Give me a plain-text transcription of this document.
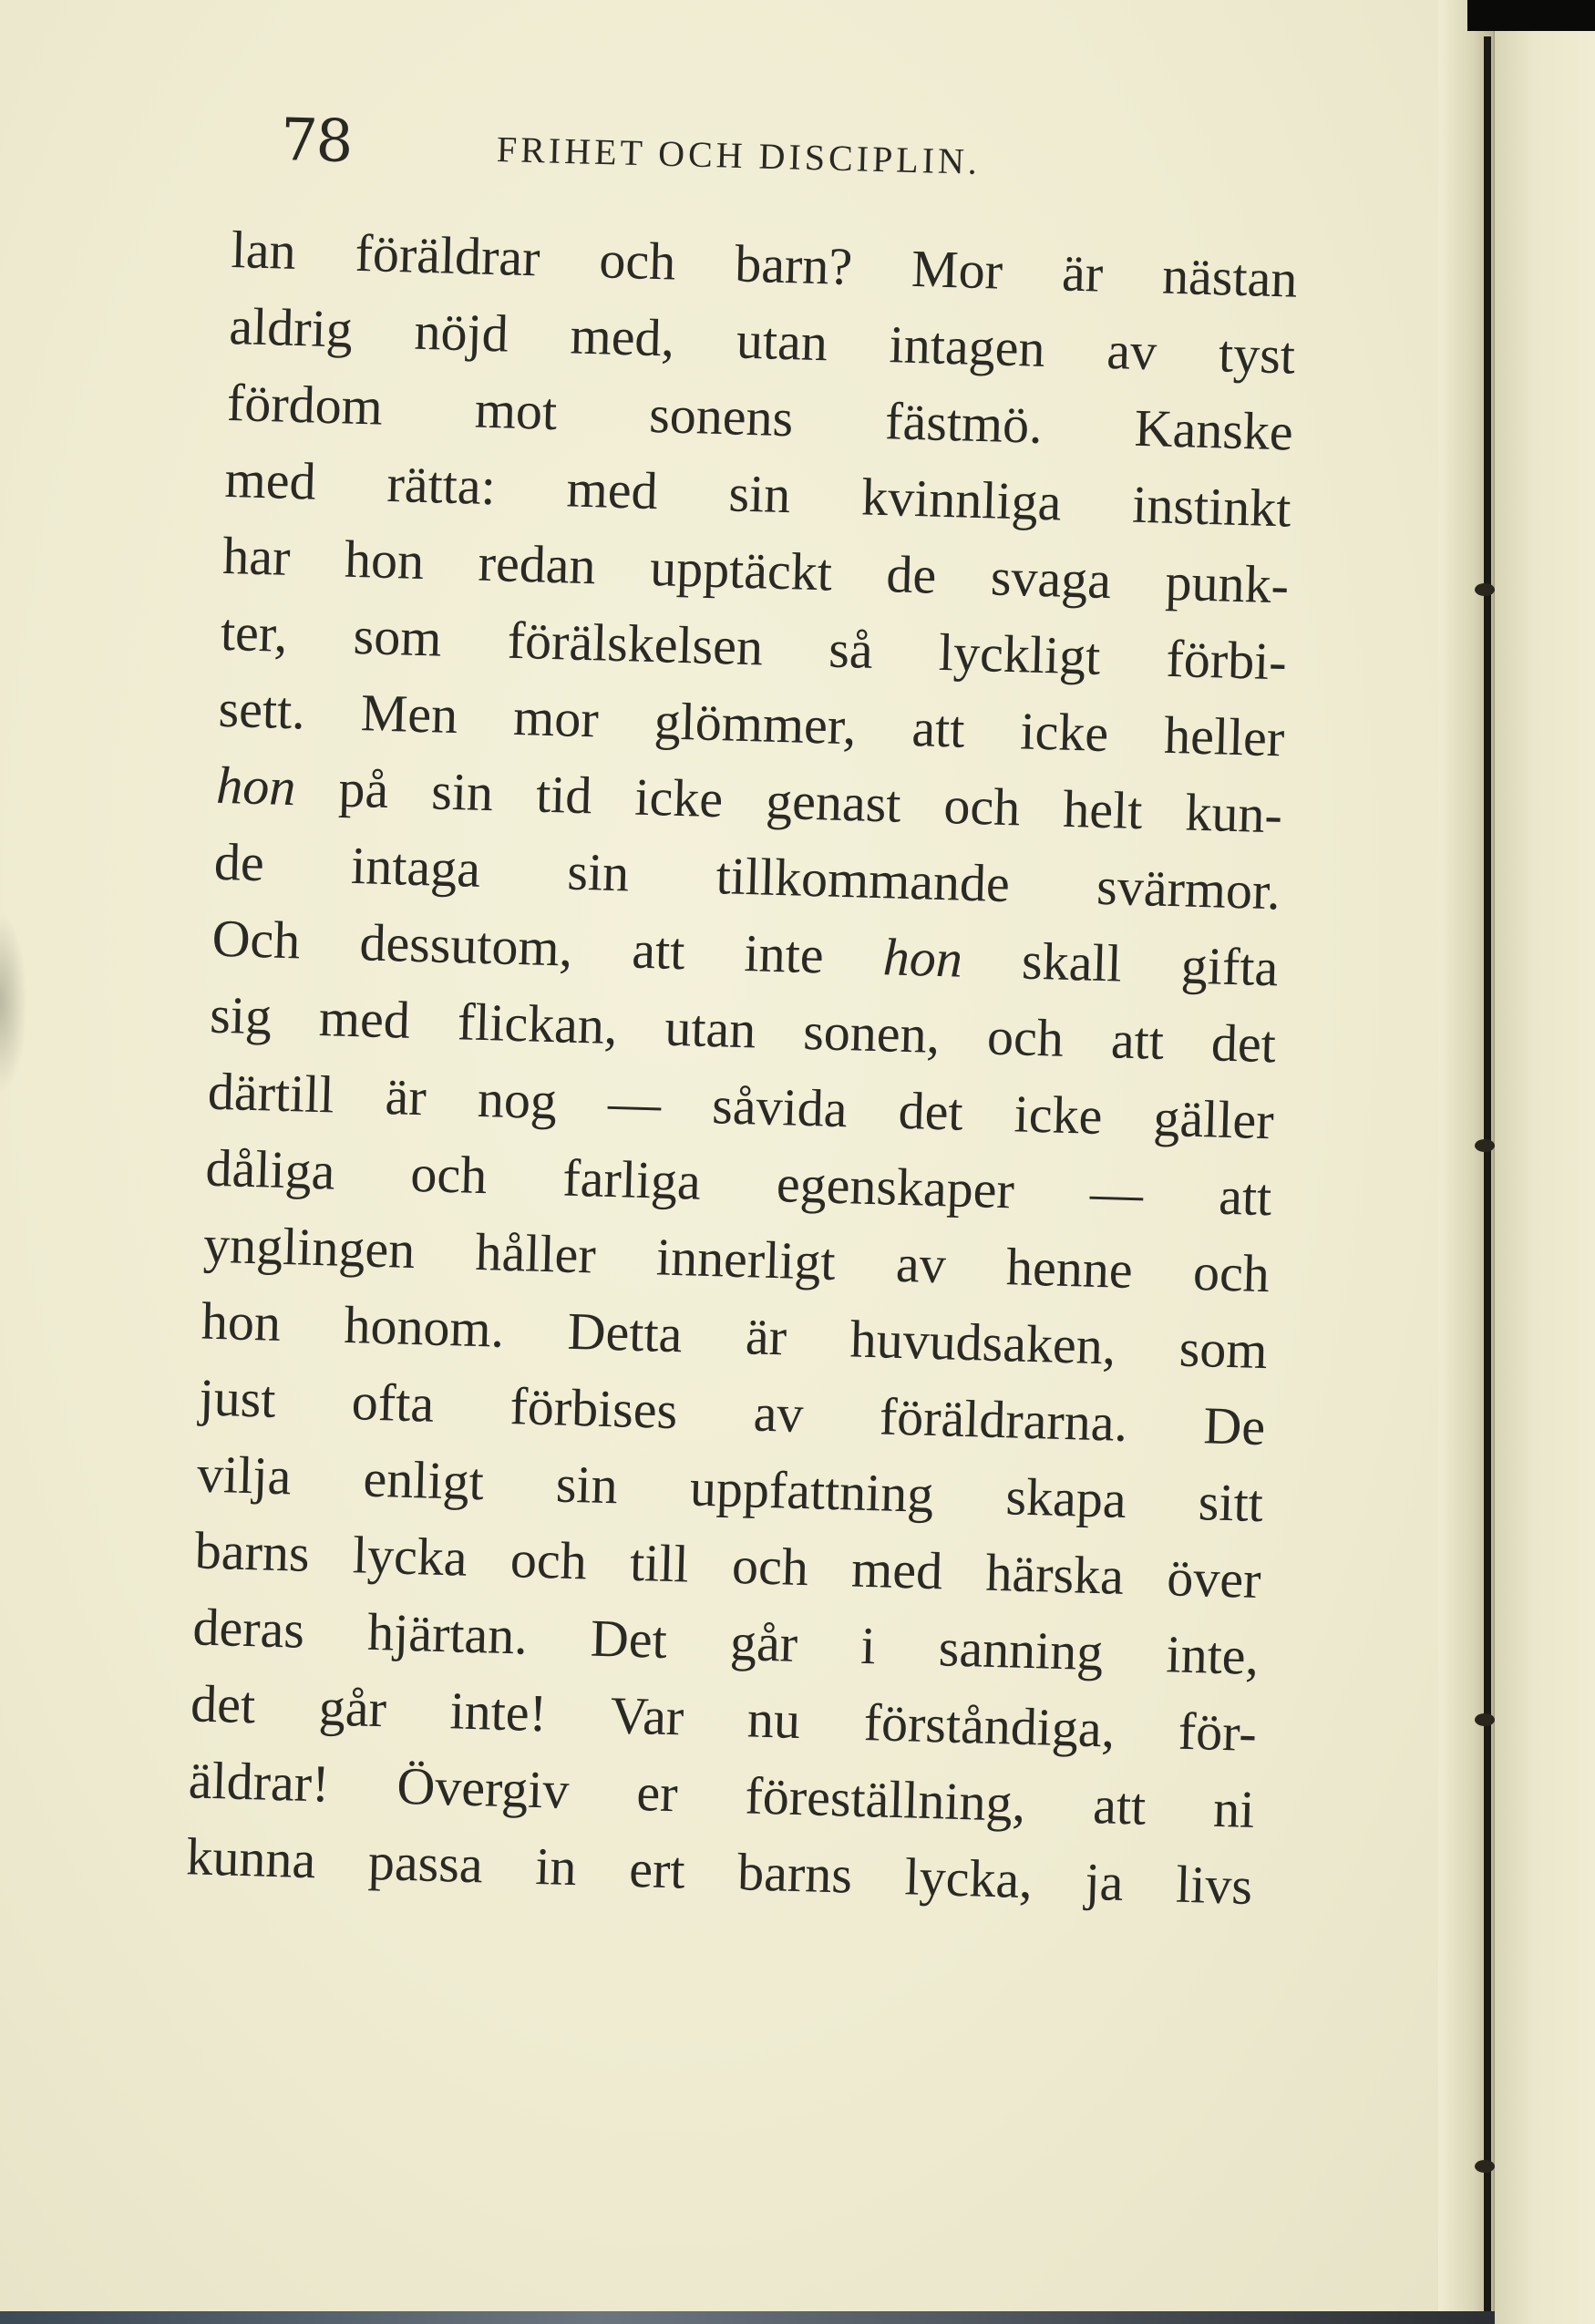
78	FRIHET OCH DISCIPLIN.
lan föräldrar och barn? Mor är nästan
aldrig nöjd med, utan intagen av tyst
fördom mot sonens fästmö. Kanske
med rätta: med sin kvinnliga instinkt
har hon redan upptäckt de svaga punk-
ter, som förälskelsen så lyckligt förbi-
sett. Men mor glömmer, att icke heller
hon på sin tid icke genast och helt kun-
de intaga sin tillkommande svärmor.
Och dessutom, att inte hon skall gifta
sig med flickan, utan sonen, och att det
därtill är nog — såvida det icke gäller
dåliga och farliga egenskaper — att
ynglingen håller innerligt av henne och
hon honom. Detta är huvudsaken, som
just ofta förbises av föräldrarna. De
vilja enligt sin uppfattning skapa sitt
barns lycka och till och med härska över
deras hjärtan. Det går i sanning inte,
det går inte! Var nu förståndiga, för-
äldrar! Övergiv er föreställning, att ni
kunna passa in ert barns lycka, ja livs
